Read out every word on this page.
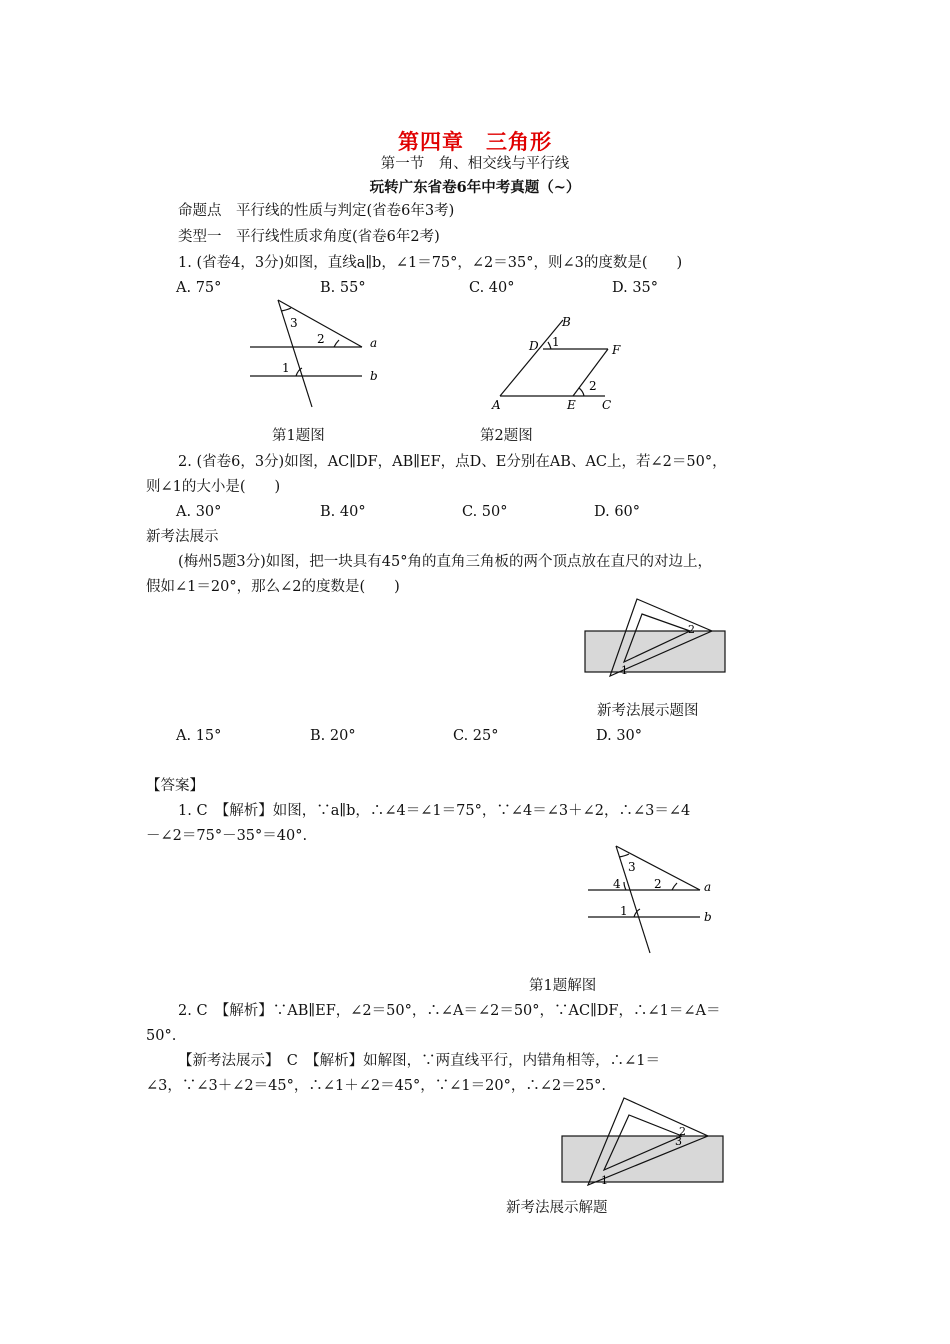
第四章　三角形
第一节　角、相交线与平行线
玩转广东省卷6年中考真题（~）
命题点　平行线的性质与判定(省卷6年3考)
类型一　平行线性质求角度(省卷6年2考)
1. (省卷4，3分)如图，直线a∥b，∠1＝75°，∠2＝35°，则∠3的度数是(　　)
A. 75°	B. 55°	C. 40°	D. 35°
3
2
1
a
b
B
D 1
F
2
A	E C
第1题图	第2题图
2. (省卷6，3分)如图，AC∥DF，AB∥EF，点D、E分别在AB、AC上，若∠2＝50°，
则∠1的大小是(　　)
A. 30°	B. 40°	C. 50°	D. 60°
新考法展示
(梅州5题3分)如图，把一块具有45°角的直角三角板的两个顶点放在直尺的对边上，
假如∠1＝20°，那么∠2的度数是(　　)
2
1
新考法展示题图
A. 15°	B. 20°	C. 25°	D. 30°
【答案】
1. C　【解析】如图，∵a∥b，∴∠4＝∠1＝75°，∵∠4＝∠3＋∠2，∴∠3＝∠4
－∠2＝75°－35°＝40°.
3
4	2
1
a
b
第1题解图
2. C　【解析】∵AB∥EF，∠2＝50°，∴∠A＝∠2＝50°，∵AC∥DF，∴∠1＝∠A＝
50°.
【新考法展示】　C　【解析】如解图，∵两直线平行，内错角相等，∴∠1＝
∠3，∵∠3＋∠2＝45°，∴∠1＋∠2＝45°，∵∠1＝20°，∴∠2＝25°.
2
3
1
新考法展示解题
